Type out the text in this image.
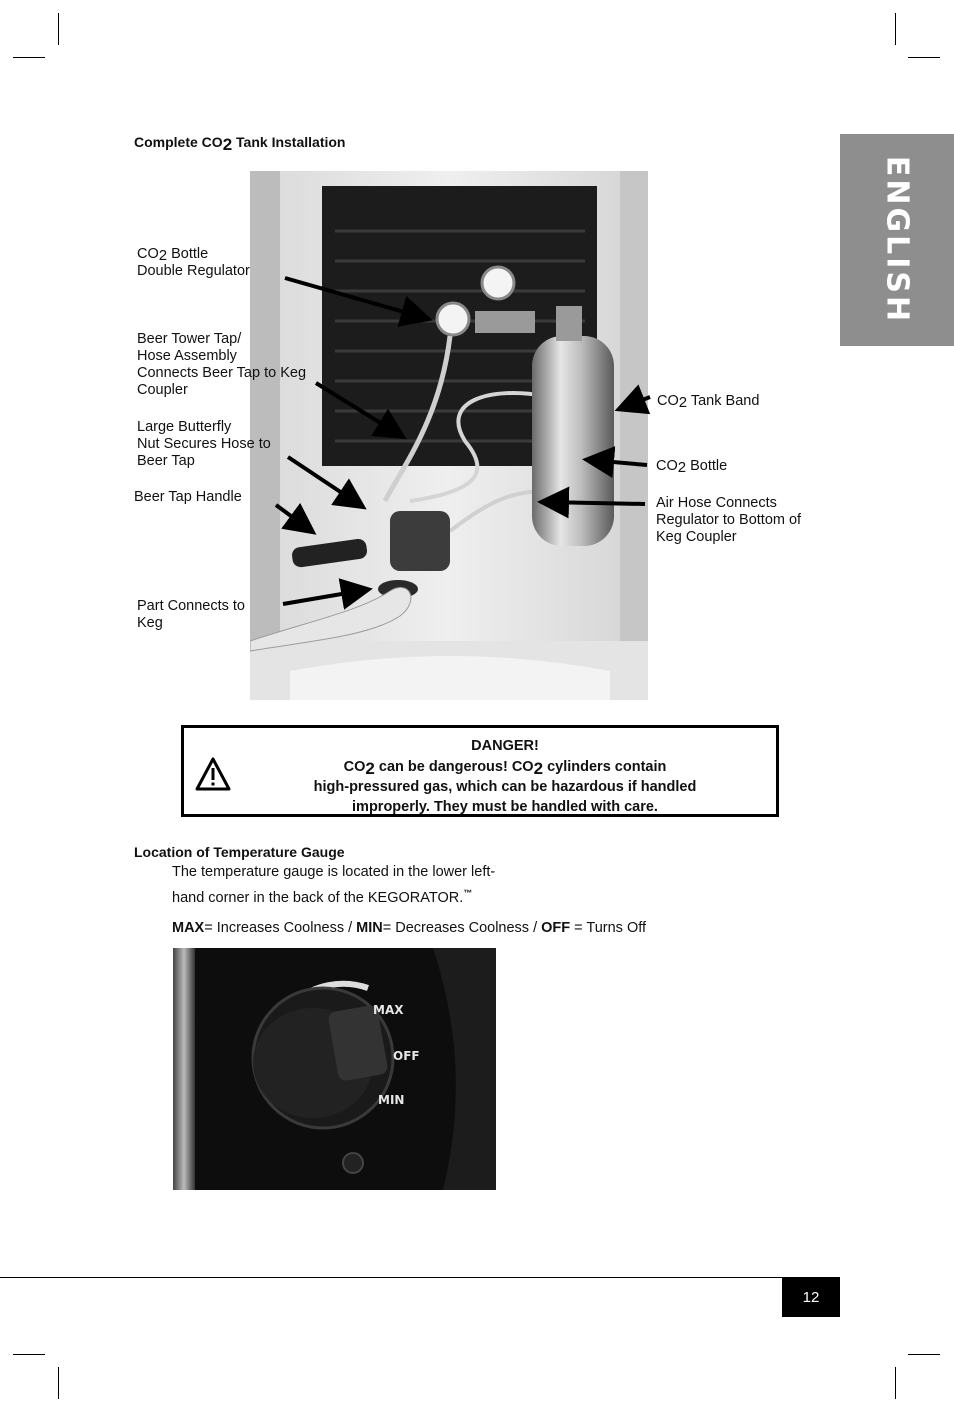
ENGLISH
Complete CO2 Tank Installation
CO2 Bottle
Double Regulator
Beer Tower Tap/
Hose Assembly
Connects Beer Tap to Keg
Coupler
Large Butterfly
Nut Secures Hose to
Beer Tap
Beer Tap Handle
Part Connects to
Keg
CO2 Tank Band
CO2 Bottle
Air Hose Connects
Regulator to Bottom of
Keg Coupler
DANGER!
CO2 can be dangerous! CO2 cylinders contain
high-pressured gas, which can be hazardous if handled
improperly. They must be handled with care.
Location of Temperature Gauge
The temperature gauge is located in the lower left-
hand corner in the back of the KEGORATOR.™
MAX= Increases Coolness / MIN= Decreases Coolness / OFF = Turns Off
MAX
OFF
MIN
12
